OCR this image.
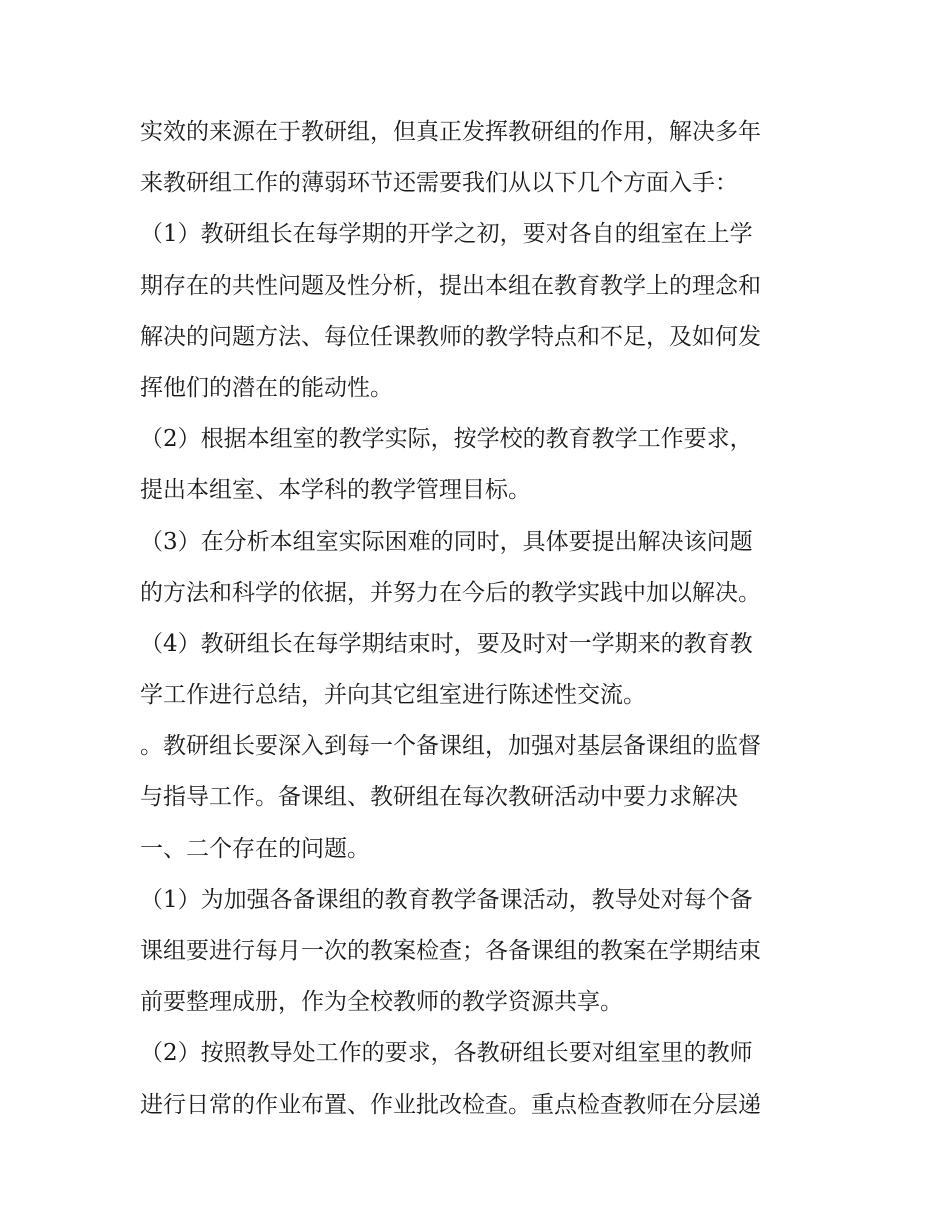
实效的来源在于教研组，但真正发挥教研组的作用，解决多年
来教研组工作的薄弱环节还需要我们从以下几个方面入手：
（1）教研组长在每学期的开学之初，要对各自的组室在上学
期存在的共性问题及性分析，提出本组在教育教学上的理念和
解决的问题方法、每位任课教师的教学特点和不足，及如何发
挥他们的潜在的能动性。
（2）根据本组室的教学实际，按学校的教育教学工作要求，
提出本组室、本学科的教学管理目标。
（3）在分析本组室实际困难的同时，具体要提出解决该问题
的方法和科学的依据，并努力在今后的教学实践中加以解决。
（4）教研组长在每学期结束时，要及时对一学期来的教育教
学工作进行总结，并向其它组室进行陈述性交流。
。教研组长要深入到每一个备课组，加强对基层备课组的监督
与指导工作。备课组、教研组在每次教研活动中要力求解决
一、二个存在的问题。
（1）为加强各备课组的教育教学备课活动，教导处对每个备
课组要进行每月一次的教案检查；各备课组的教案在学期结束
前要整理成册，作为全校教师的教学资源共享。
（2）按照教导处工作的要求，各教研组长要对组室里的教师
进行日常的作业布置、作业批改检查。重点检查教师在分层递
